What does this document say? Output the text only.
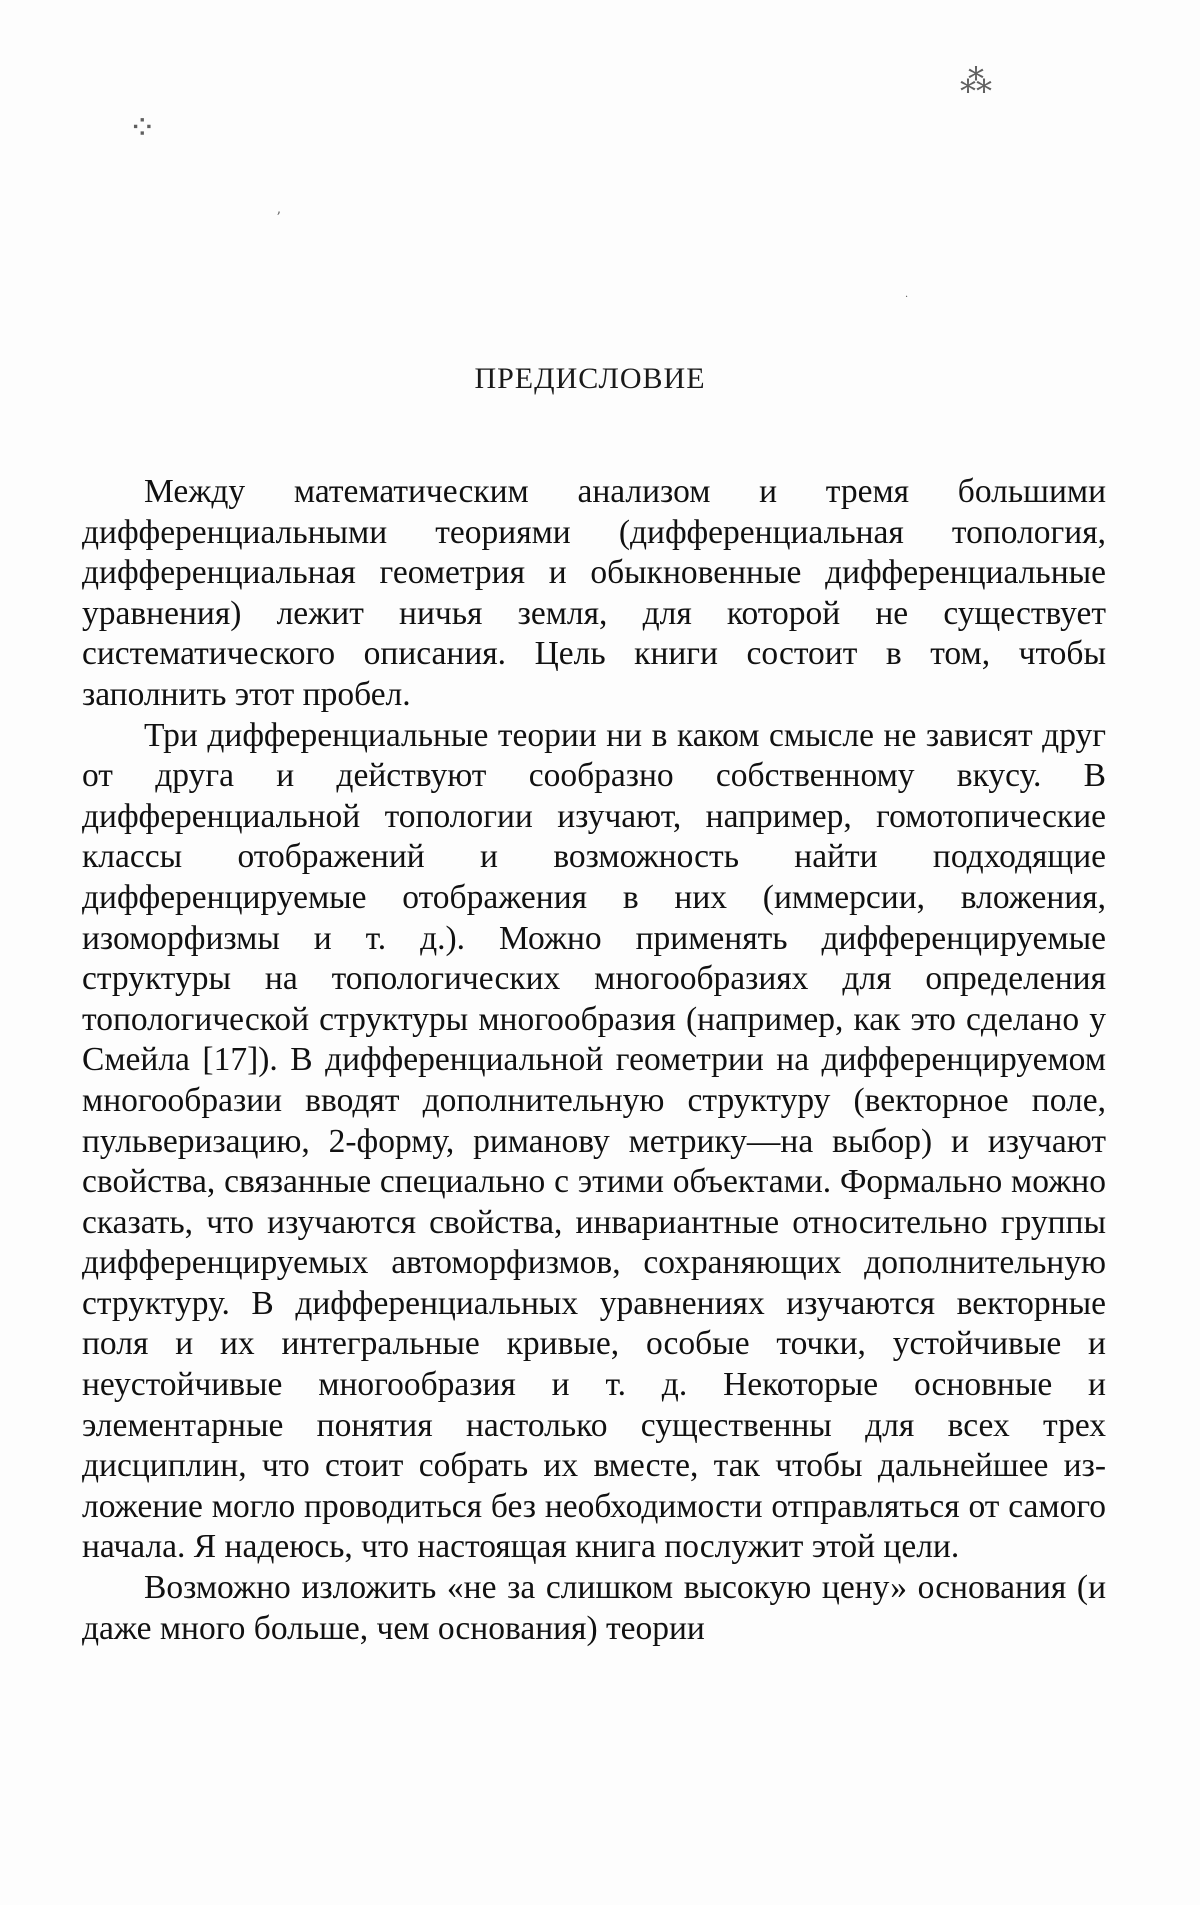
⁂
⁘
ʼ
·
ПРЕДИСЛОВИЕ

Между математическим анализом и тремя большими дифференциальными теориями (дифференциальная топология, дифференциальная геометрия и обыкновенные дифференциальные уравнения) лежит ничья земля, для которой не существует систематического описания. Цель книги состоит в том, чтобы заполнить этот пробел.

Три дифференциальные теории ни в каком смысле не зависят друг от друга и действуют сообразно собственному вкусу. В дифференциальной топологии изучают, например, гомотопические классы отображений и возможность найти подходящие дифференцируемые отображения в них (иммерсии, вложения, изоморфизмы и т. д.). Можно применять дифференцируемые структуры на топологических многообразиях для определения топологической структуры многообразия (например, как это сделано у Смейла [17]). В дифференциальной геометрии на дифференцируемом многообразии вводят дополнительную структуру (векторное поле, пульверизацию, 2-форму, риманову метрику—на выбор) и изучают свойства, связанные специально с этими объектами. Формально можно сказать, что изучаются свойства, инвариантные относительно группы дифференцируемых автоморфизмов, сохраняющих дополнительную структуру. В дифференциальных уравнениях изучаются векторные поля и их интегральные кривые, особые точки, устойчивые и неустойчивые многообразия и т. д. Некоторые основные и элементарные понятия настолько существенны для всех трех дисциплин, что стоит собрать их вместе, так чтобы дальнейшее изложение могло проводиться без необходимости отправляться от самого начала. Я надеюсь, что настоящая книга послужит этой цели.

Возможно изложить «не за слишком высокую цену» основания (и даже много больше, чем основания) теории
